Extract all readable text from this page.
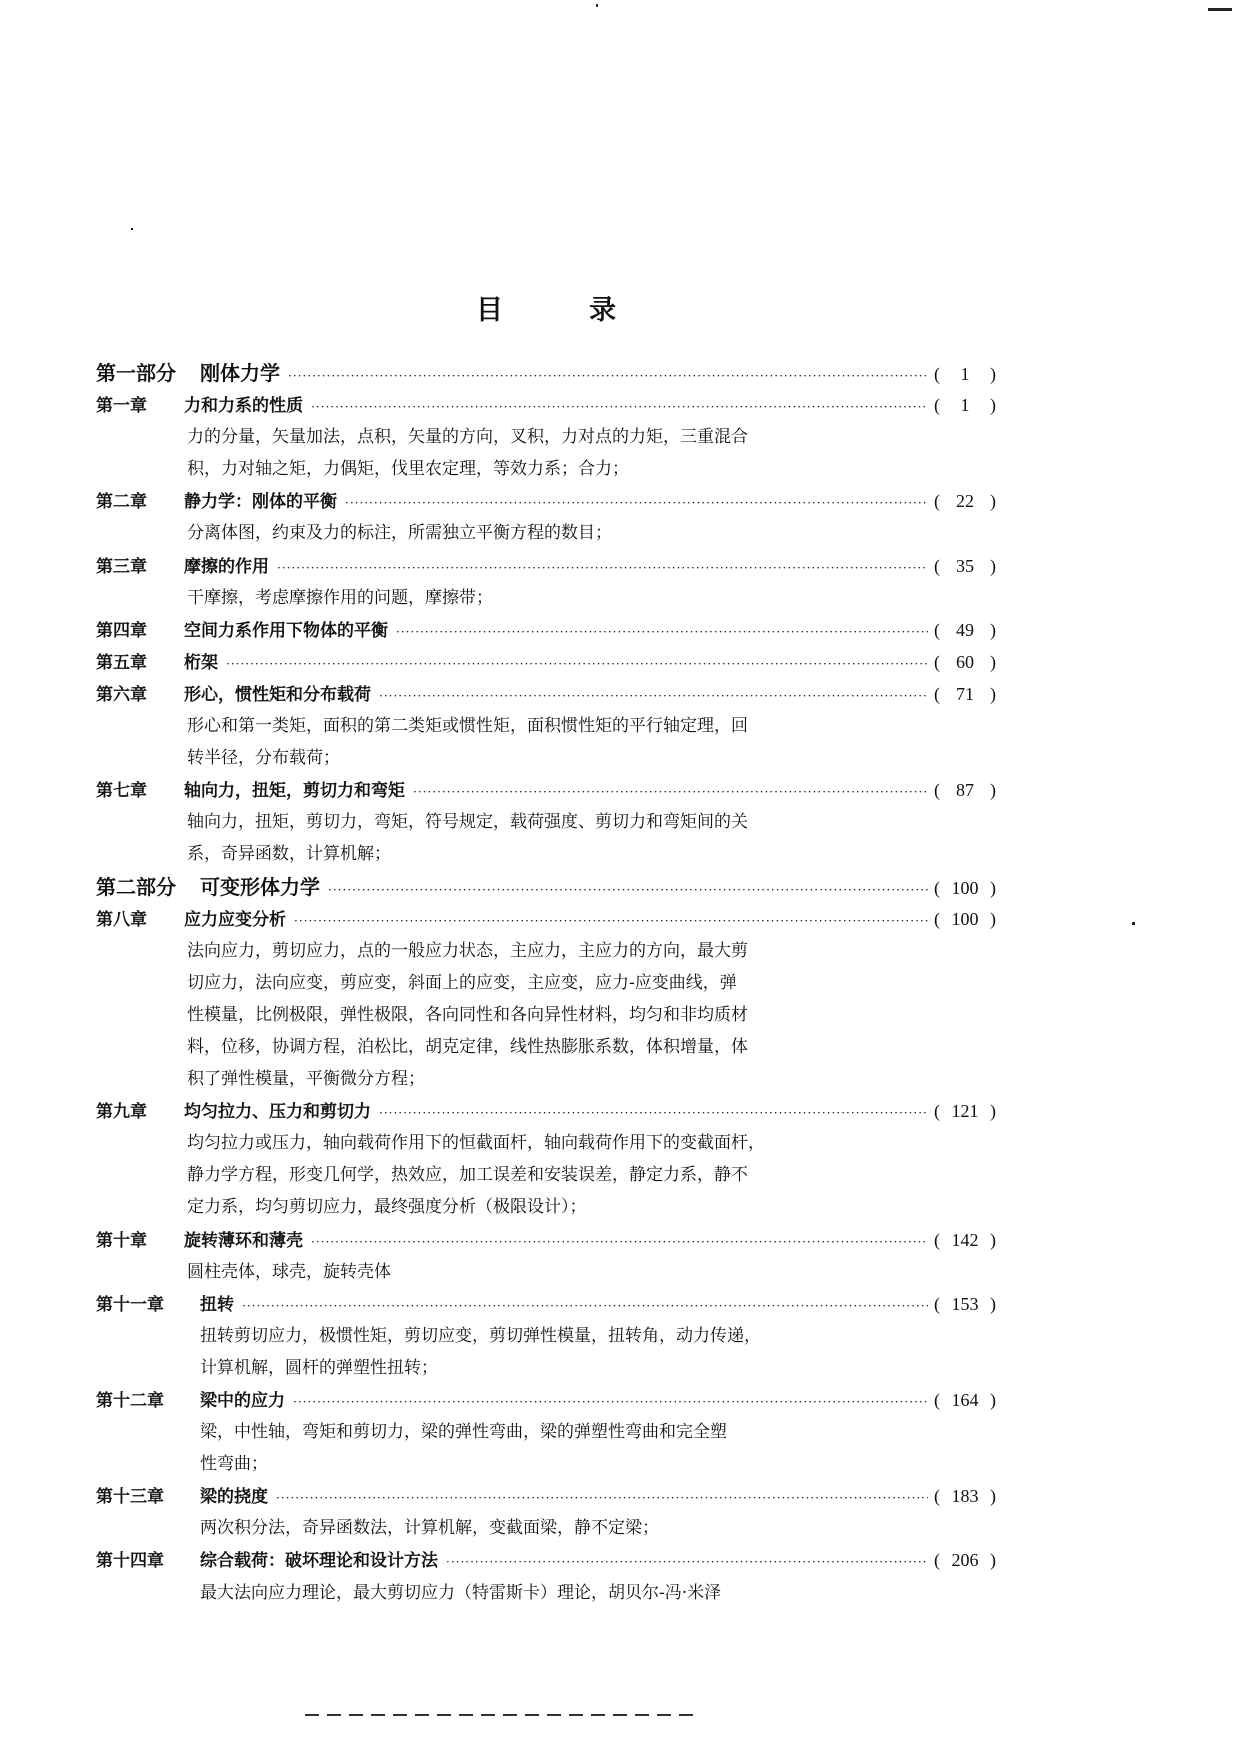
目	录
第一部分	刚体力学 ·····	( 1 )
第一章	力和力系的性质 ·····	( 1 )
力的分量，矢量加法，点积，矢量的方向，叉积，力对点的力矩，三重混合
积，力对轴之矩，力偶矩，伐里农定理，等效力系；合力；
第二章	静力学：刚体的平衡 ·····	( 22 )
分离体图，约束及力的标注，所需独立平衡方程的数目；
第三章	摩擦的作用 ·····	( 35 )
干摩擦，考虑摩擦作用的问题，摩擦带；
第四章	空间力系作用下物体的平衡 ·····	( 49 )
第五章	桁架 ·····	( 60 )
第六章	形心，惯性矩和分布载荷 ·····	( 71 )
形心和第一类矩，面积的第二类矩或惯性矩，面积惯性矩的平行轴定理，回
转半径，分布载荷；
第七章	轴向力，扭矩，剪切力和弯矩 ·····	( 87 )
轴向力，扭矩，剪切力，弯矩，符号规定，载荷强度、剪切力和弯矩间的关
系，奇异函数，计算机解；
第二部分	可变形体力学 ·····	( 100 )
第八章	应力应变分析 ·····	( 100 )
法向应力，剪切应力，点的一般应力状态，主应力，主应力的方向，最大剪
切应力，法向应变，剪应变，斜面上的应变，主应变，应力-应变曲线，弹
性模量，比例极限，弹性极限，各向同性和各向异性材料，均匀和非均质材
料，位移，协调方程，泊松比，胡克定律，线性热膨胀系数，体积增量，体
积了弹性模量，平衡微分方程；
第九章	均匀拉力、压力和剪切力 ·····	( 121 )
均匀拉力或压力，轴向载荷作用下的恒截面杆，轴向载荷作用下的变截面杆，
静力学方程，形变几何学，热效应，加工误差和安装误差，静定力系，静不
定力系，均匀剪切应力，最终强度分析（极限设计）；
第十章	旋转薄环和薄壳 ·····	( 142 )
圆柱壳体，球壳，旋转壳体
第十一章	扭转 ·····	( 153 )
扭转剪切应力，极惯性矩，剪切应变，剪切弹性模量，扭转角，动力传递，
计算机解，圆杆的弹塑性扭转；
第十二章	梁中的应力 ·····	( 164 )
梁，中性轴，弯矩和剪切力，梁的弹性弯曲，梁的弹塑性弯曲和完全塑
性弯曲；
第十三章	梁的挠度 ·····	( 183 )
两次积分法，奇异函数法，计算机解，变截面梁，静不定梁；
第十四章	综合载荷：破坏理论和设计方法 ·····	( 206 )
最大法向应力理论，最大剪切应力（特雷斯卡）理论，胡贝尔-冯·米泽
